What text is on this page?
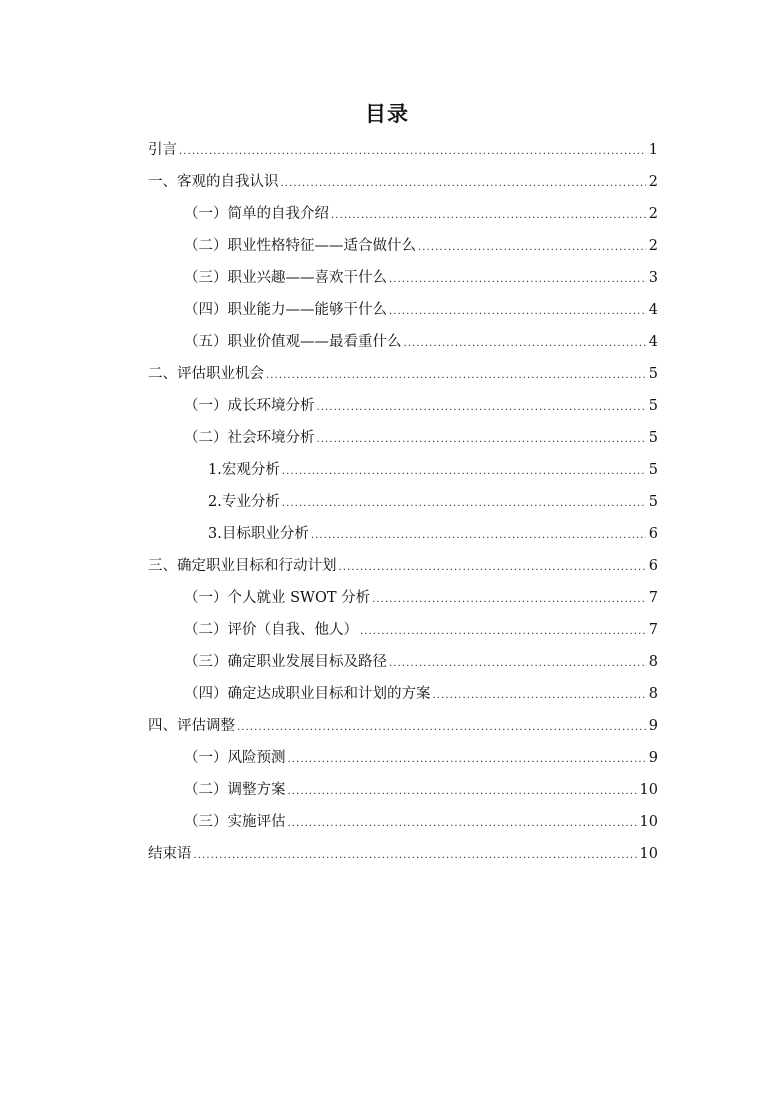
目录
引言 .....	1
一、客观的自我认识 .....	2
（一）简单的自我介绍 .....	2
（二）职业性格特征——适合做什么 .....	2
（三）职业兴趣——喜欢干什么 .....	3
（四）职业能力——能够干什么 .....	4
（五）职业价值观——最看重什么 .....	4
二、评估职业机会 .....	5
（一）成长环境分析 .....	5
（二）社会环境分析 .....	5
1.宏观分析 .....	5
2.专业分析 .....	5
3.目标职业分析 .....	6
三、确定职业目标和行动计划 .....	6
（一）个人就业 SWOT 分析 .....	7
（二）评价（自我、他人） .....	7
（三）确定职业发展目标及路径 .....	8
（四）确定达成职业目标和计划的方案 .....	8
四、评估调整 .....	9
（一）风险预测 .....	9
（二）调整方案 .....	10
（三）实施评估 .....	10
结束语 .....	10
